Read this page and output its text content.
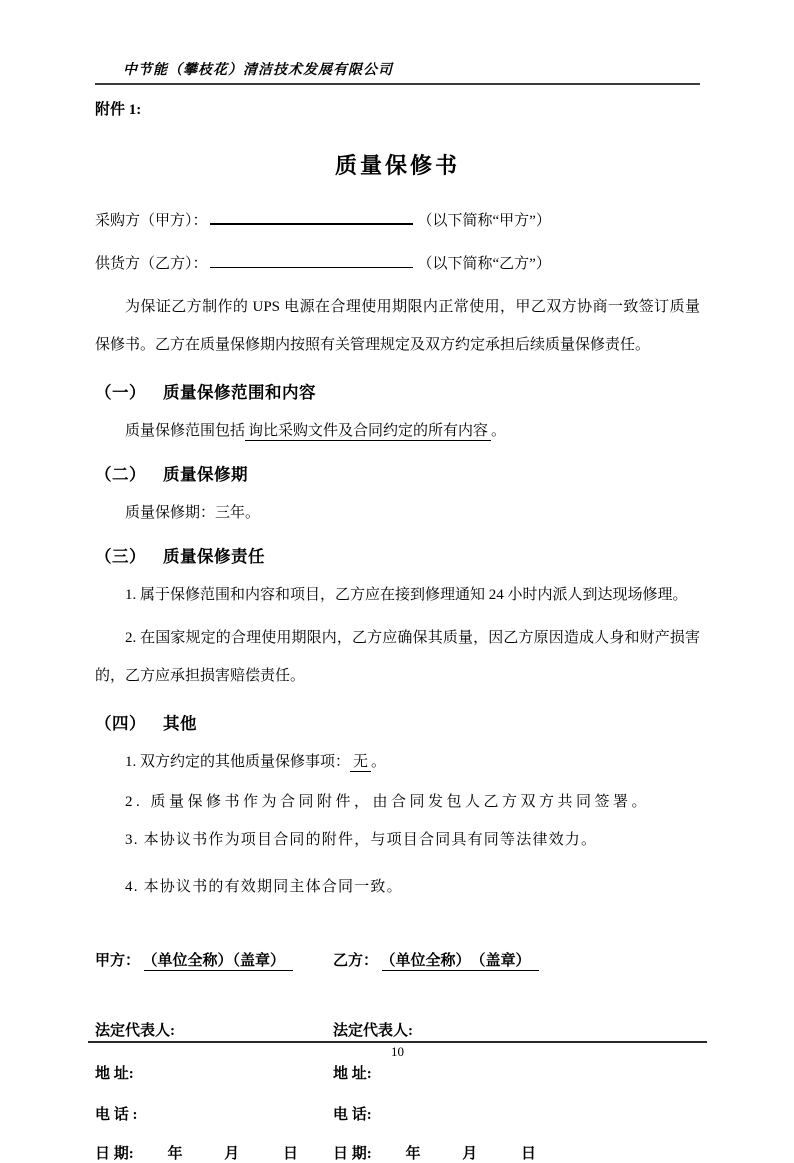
中节能（攀枝花）清洁技术发展有限公司
附件 1:
质量保修书
采购方（甲方）：	（以下简称“甲方”）
供货方（乙方）：	（以下简称“乙方”）

为保证乙方制作的 UPS 电源在合理使用期限内正常使用，甲乙双方协商一致签订质量保修书。乙方在质量保修期内按照有关管理规定及双方约定承担后续质量保修责任。

（一） 质量保修范围和内容
质量保修范围包括 询比采购文件及合同约定的所有内容 。
（二） 质量保修期
质量保修期：三年。
（三） 质量保修责任
1. 属于保修范围和内容和项目，乙方应在接到修理通知 24 小时内派人到达现场修理。
2. 在国家规定的合理使用期限内，乙方应确保其质量，因乙方原因造成人身和财产损害的，乙方应承担损害赔偿责任。
（四） 其他
1. 双方约定的其他质量保修事项： 无 。
2. 质量保修书作为合同附件，由合同发包人乙方双方共同签署。
3. 本协议书作为项目合同的附件，与项目合同具有同等法律效力。
4. 本协议书的有效期同主体合同一致。
甲方： （单位全称）（盖章）	乙方： （单位全称）　（盖章）
法定代表人:	法定代表人:
地 址:	地 址:
电 话 :	电 话:
日 期: 年	月	日	日 期: 年	月	日
10
